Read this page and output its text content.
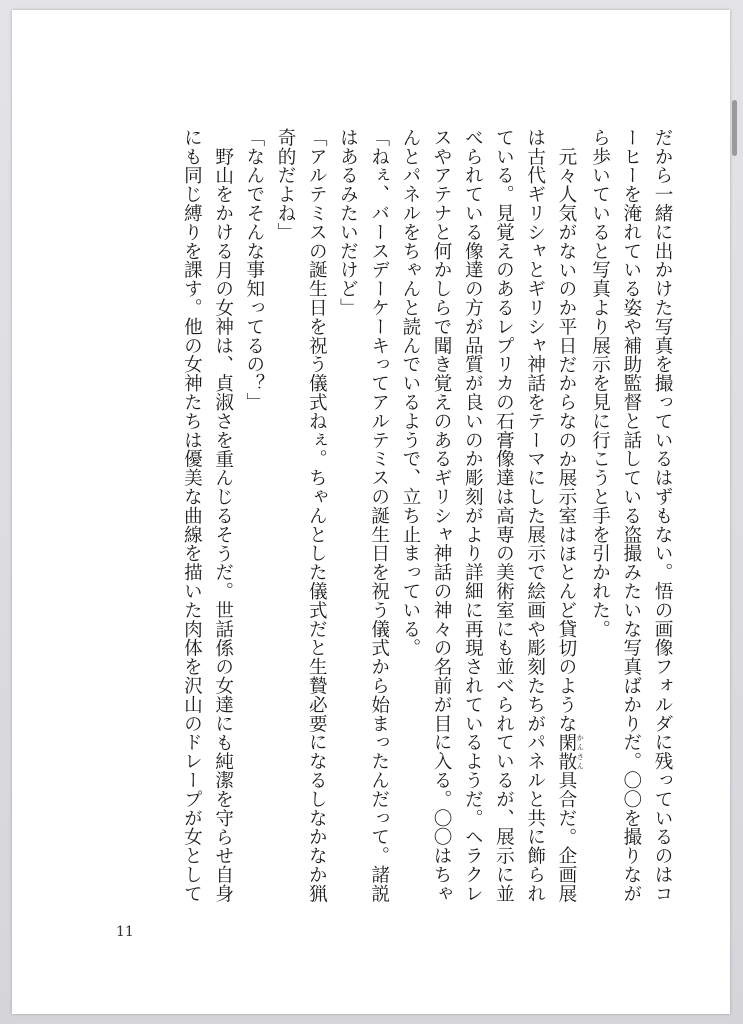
だから一緒に出かけた写真を撮っているはずもない。悟の画像フォルダに残っているのはコーヒーを淹れている姿や補助監督と話している盗撮みたいな写真ばかりだ。〇〇を撮りながら歩いていると写真より展示を見に行こうと手を引かれた。

元々人気がないのか平日だからなのか展示室はほとんど貸切のような閑散 かんさん具合だ。企画展は古代ギリシャとギリシャ神話をテーマにした展示で絵画や彫刻たちがパネルと共に飾られている。見覚えのあるレプリカの石膏像達は高専の美術室にも並べられているが、展示に並べられている像達の方が品質が良いのか彫刻がより詳細に再現されているようだ。ヘラクレスやアテナと何かしらで聞き覚えのあるギリシャ神話の神々の名前が目に入る。〇〇はちゃんとパネルをちゃんと読んでいるようで、立ち止まっている。

「ねぇ、バースデーケーキってアルテミスの誕生日を祝う儀式から始まったんだって。諸説はあるみたいだけど」

「アルテミスの誕生日を祝う儀式ねぇ。ちゃんとした儀式だと生贄必要になるしなかなか猟奇的だよね」

「なんでそんな事知ってるの？」

野山をかける月の女神は、貞淑さを重んじるそうだ。世話係の女達にも純潔を守らせ自身にも同じ縛りを課す。他の女神たちは優美な曲線を描いた肉体を沢山のドレープが女として

11
